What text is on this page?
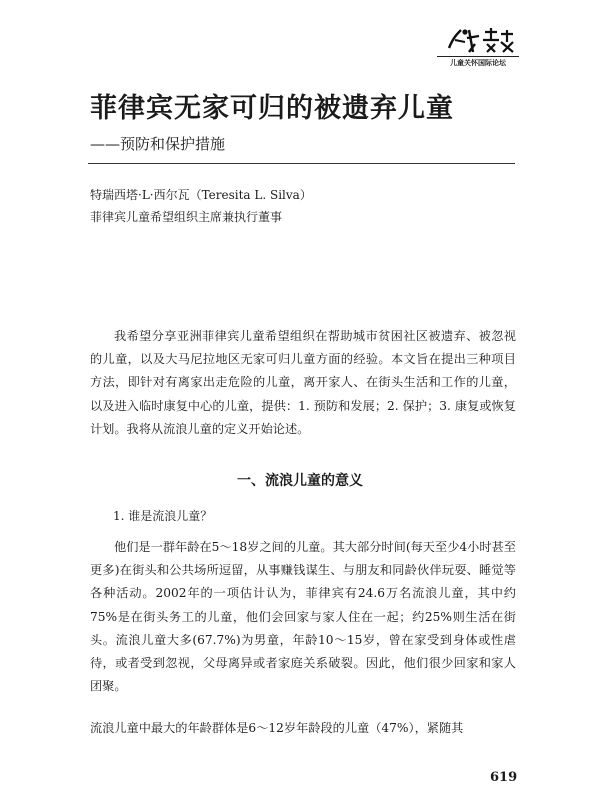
儿童关怀国际论坛
菲律宾无家可归的被遗弃儿童
——预防和保护措施
特瑞西塔·L·西尔瓦（Teresita L. Silva）
菲律宾儿童希望组织主席兼执行董事
我希望分享亚洲菲律宾儿童希望组织在帮助城市贫困社区被遗弃、被忽视的儿童，以及大马尼拉地区无家可归儿童方面的经验。本文旨在提出三种项目方法，即针对有离家出走危险的儿童，离开家人、在街头生活和工作的儿童，以及进入临时康复中心的儿童，提供：1. 预防和发展；2. 保护；3. 康复或恢复计划。我将从流浪儿童的定义开始论述。
一、流浪儿童的意义
1. 谁是流浪儿童？
他们是一群年龄在5～18岁之间的儿童。其大部分时间(每天至少4小时甚至更多)在街头和公共场所逗留，从事赚钱谋生、与朋友和同龄伙伴玩耍、睡觉等各种活动。2002年的一项估计认为，菲律宾有24.6万名流浪儿童，其中约75%是在街头务工的儿童，他们会回家与家人住在一起；约25%则生活在街头。流浪儿童大多(67.7%)为男童，年龄10～15岁，曾在家受到身体或性虐待，或者受到忽视，父母离异或者家庭关系破裂。因此，他们很少回家和家人团聚。
流浪儿童中最大的年龄群体是6～12岁年龄段的儿童（47%），紧随其
619
